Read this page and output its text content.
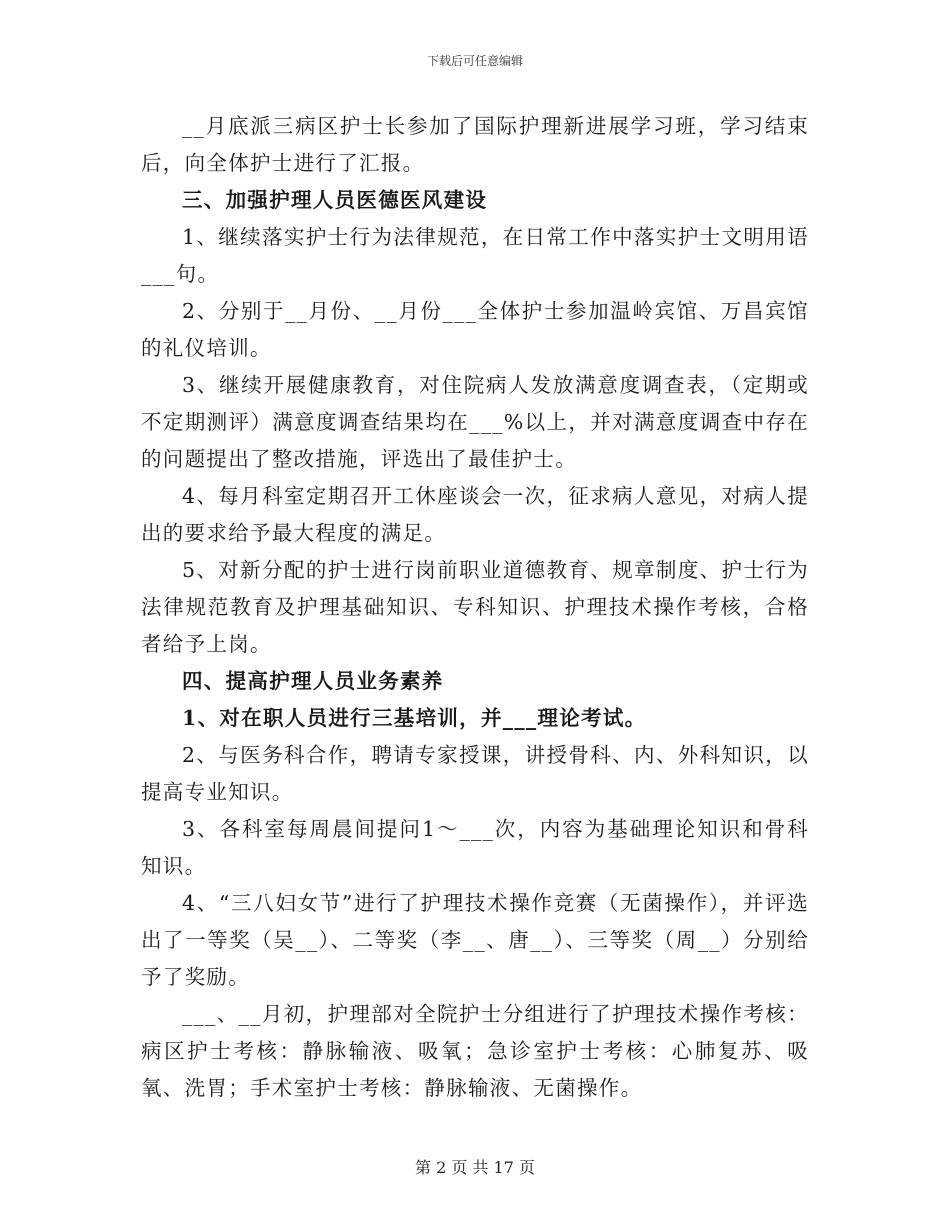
下载后可任意编辑

__月底派三病区护士长参加了国际护理新进展学习班，学习结束后，向全体护士进行了汇报。

三、加强护理人员医德医风建设

1、继续落实护士行为法律规范，在日常工作中落实护士文明用语___句。

2、分别于__月份、__月份___全体护士参加温岭宾馆、万昌宾馆的礼仪培训。

3、继续开展健康教育，对住院病人发放满意度调查表，（定期或不定期测评）满意度调查结果均在___%以上，并对满意度调查中存在的问题提出了整改措施，评选出了最佳护士。

4、每月科室定期召开工休座谈会一次，征求病人意见，对病人提出的要求给予最大程度的满足。

5、对新分配的护士进行岗前职业道德教育、规章制度、护士行为法律规范教育及护理基础知识、专科知识、护理技术操作考核，合格者给予上岗。

四、提高护理人员业务素养

1、对在职人员进行三基培训，并___理论考试。

2、与医务科合作，聘请专家授课，讲授骨科、内、外科知识，以提高专业知识。

3、各科室每周晨间提问1～___次，内容为基础理论知识和骨科知识。

4、“三八妇女节”进行了护理技术操作竞赛（无菌操作），并评选出了一等奖（吴__）、二等奖（李__、唐__）、三等奖（周__）分别给予了奖励。

___、__月初，护理部对全院护士分组进行了护理技术操作考核：病区护士考核：静脉输液、吸氧；急诊室护士考核：心肺复苏、吸氧、洗胃；手术室护士考核：静脉输液、无菌操作。

第 2 页 共 17 页
